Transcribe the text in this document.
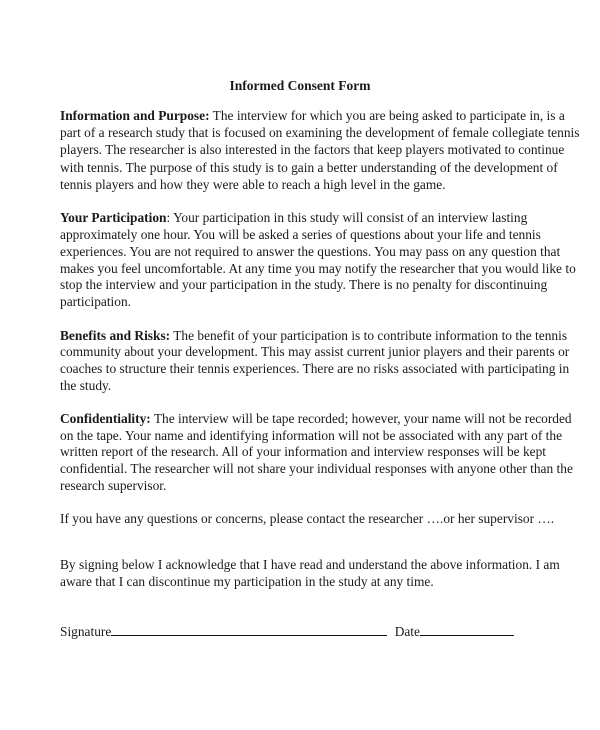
Informed Consent Form
Information and Purpose: The interview for which you are being asked to participate in, is a
part of a research study that is focused on examining the development of female collegiate tennis
players. The researcher is also interested in the factors that keep players motivated to continue
with tennis. The purpose of this study is to gain a better understanding of the development of
tennis players and how they were able to reach a high level in the game.
Your Participation: Your participation in this study will consist of an interview lasting
approximately one hour. You will be asked a series of questions about your life and tennis
experiences. You are not required to answer the questions. You may pass on any question that
makes you feel uncomfortable. At any time you may notify the researcher that you would like to
stop the interview and your participation in the study. There is no penalty for discontinuing
participation.
Benefits and Risks: The benefit of your participation is to contribute information to the tennis
community about your development. This may assist current junior players and their parents or
coaches to structure their tennis experiences. There are no risks associated with participating in
the study.
Confidentiality: The interview will be tape recorded; however, your name will not be recorded
on the tape. Your name and identifying information will not be associated with any part of the
written report of the research. All of your information and interview responses will be kept
confidential. The researcher will not share your individual responses with anyone other than the
research supervisor.
If you have any questions or concerns, please contact the researcher ….or her supervisor ….
By signing below I acknowledge that I have read and understand the above information. I am
aware that I can discontinue my participation in the study at any time.
Signature	Date
